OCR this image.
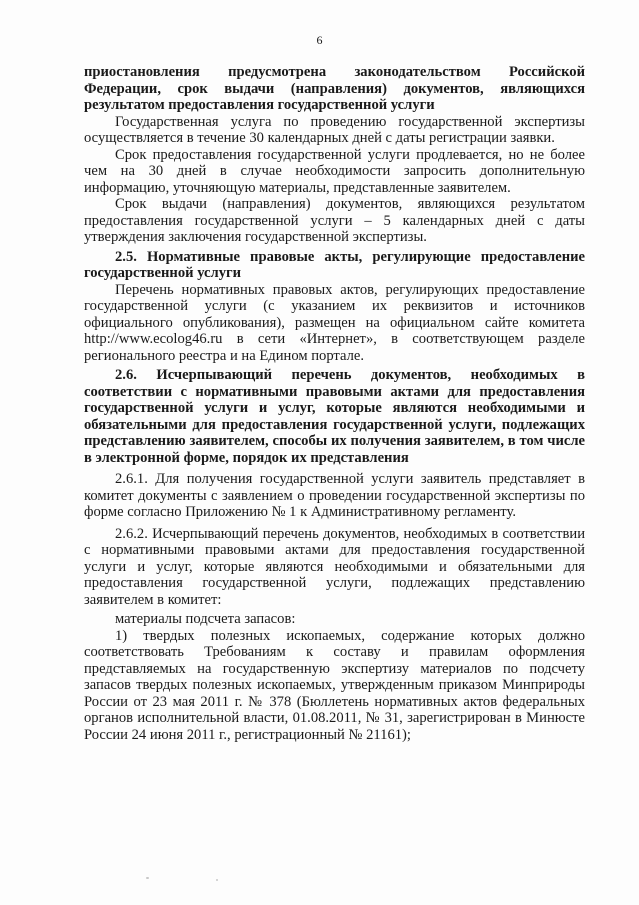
6

приостановления предусмотрена законодательством Российской Федерации, срок выдачи (направления) документов, являющихся результатом предоставления государственной услуги

Государственная услуга по проведению государственной экспертизы осуществляется в течение 30 календарных дней с даты регистрации заявки.

Срок предоставления государственной услуги продлевается, но не более чем на 30 дней в случае необходимости запросить дополнительную информацию, уточняющую материалы, представленные заявителем.

Срок выдачи (направления) документов, являющихся результатом предоставления государственной услуги – 5 календарных дней с даты утверждения заключения государственной экспертизы.

2.5. Нормативные правовые акты, регулирующие предоставление государственной услуги

Перечень нормативных правовых актов, регулирующих предоставление государственной услуги (с указанием их реквизитов и источников официального опубликования), размещен на официальном сайте комитета http://www.ecolog46.ru в сети «Интернет», в соответствующем разделе регионального реестра и на Едином портале.

2.6. Исчерпывающий перечень документов, необходимых в соответствии с нормативными правовыми актами для предоставления государственной услуги и услуг, которые являются необходимыми и обязательными для предоставления государственной услуги, подлежащих представлению заявителем, способы их получения заявителем, в том числе в электронной форме, порядок их представления

2.6.1. Для получения государственной услуги заявитель представляет в комитет документы с заявлением о проведении государственной экспертизы по форме согласно Приложению № 1 к Административному регламенту.

2.6.2. Исчерпывающий перечень документов, необходимых в соответствии с нормативными правовыми актами для предоставления государственной услуги и услуг, которые являются необходимыми и обязательными для предоставления государственной услуги, подлежащих представлению заявителем в комитет:

материалы подсчета запасов:

1) твердых полезных ископаемых, содержание которых должно соответствовать Требованиям к составу и правилам оформления представляемых на государственную экспертизу материалов по подсчету запасов твердых полезных ископаемых, утвержденным приказом Минприроды России от 23 мая 2011 г. № 378 (Бюллетень нормативных актов федеральных органов исполнительной власти, 01.08.2011, № 31, зарегистрирован в Минюсте России 24 июня 2011 г., регистрационный № 21161);
